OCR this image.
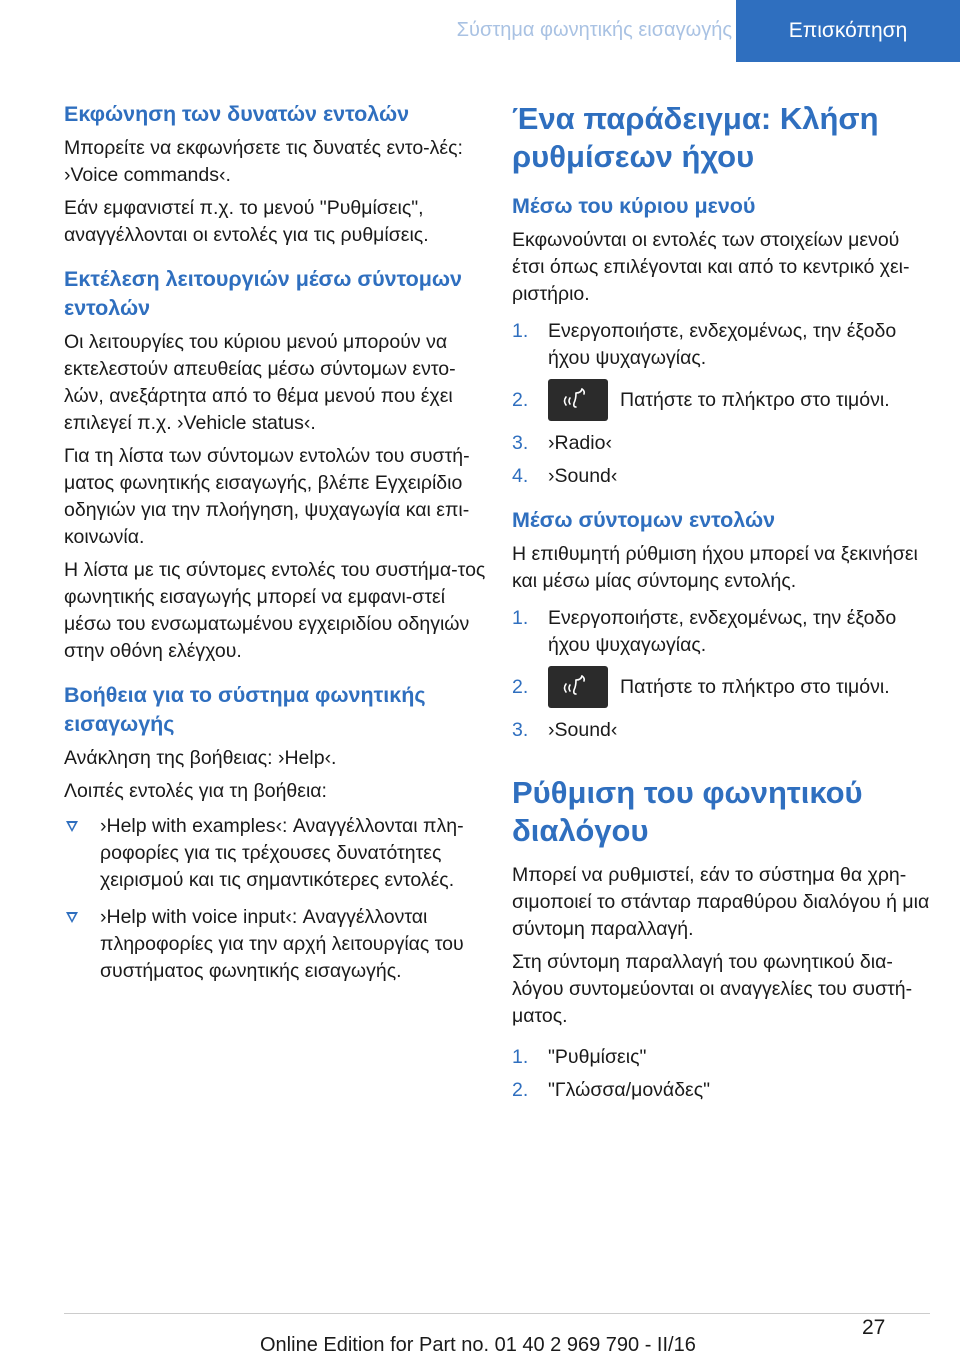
Σύστημα φωνητικής εισαγωγής	Επισκόπηση
Εκφώνηση των δυνατών εντολών

Μπορείτε να εκφωνήσετε τις δυνατές εντο-λές: ›Voice commands‹.

Εάν εμφανιστεί π.χ. το μενού "Ρυθμίσεις", αναγγέλλονται οι εντολές για τις ρυθμίσεις.

Εκτέλεση λειτουργιών μέσω σύντομων εντολών

Οι λειτουργίες του κύριου μενού μπορούν να εκτελεστούν απευθείας μέσω σύντομων εντο-λών, ανεξάρτητα από το θέμα μενού που έχει επιλεγεί π.χ. ›Vehicle status‹.

Για τη λίστα των σύντομων εντολών του συστή-ματος φωνητικής εισαγωγής, βλέπε Εγχειρίδιο οδηγιών για την πλοήγηση, ψυχαγωγία και επι-κοινωνία.

Η λίστα με τις σύντομες εντολές του συστήμα-τος φωνητικής εισαγωγής μπορεί να εμφανι-στεί μέσω του ενσωματωμένου εγχειριδίου οδηγιών στην οθόνη ελέγχου.

Βοήθεια για το σύστημα φωνητικής εισαγωγής

Ανάκληση της βοήθειας: ›Help‹.

Λοιπές εντολές για τη βοήθεια:

›Help with examples‹: Αναγγέλλονται πλη-ροφορίες για τις τρέχουσες δυνατότητες χειρισμού και τις σημαντικότερες εντολές.
›Help with voice input‹: Αναγγέλλονται πληροφορίες για την αρχή λειτουργίας του συστήματος φωνητικής εισαγωγής.
Ένα παράδειγμα: Κλήση ρυθμίσεων ήχου
Μέσω του κύριου μενού

Εκφωνούνται οι εντολές των στοιχείων μενού έτσι όπως επιλέγονται και από το κεντρικό χει-ριστήριο.

1. Ενεργοποιήστε, ενδεχομένως, την έξοδο ήχου ψυχαγωγίας.
2.	Πατήστε το πλήκτρο στο τιμόνι.
3. ›Radio‹
4. ›Sound‹
Μέσω σύντομων εντολών

Η επιθυμητή ρύθμιση ήχου μπορεί να ξεκινήσει και μέσω μίας σύντομης εντολής.

1. Ενεργοποιήστε, ενδεχομένως, την έξοδο ήχου ψυχαγωγίας.
2.	Πατήστε το πλήκτρο στο τιμόνι.
3. ›Sound‹
Ρύθμιση του φωνητικού διαλόγου

Μπορεί να ρυθμιστεί, εάν το σύστημα θα χρη-σιμοποιεί το στάνταρ παραθύρου διαλόγου ή μια σύντομη παραλλαγή.

Στη σύντομη παραλλαγή του φωνητικού δια-λόγου συντομεύονται οι αναγγελίες του συστή-ματος.

1. "Ρυθμίσεις"
2. "Γλώσσα/μονάδες"
27
Online Edition for Part no. 01 40 2 969 790 - II/16
